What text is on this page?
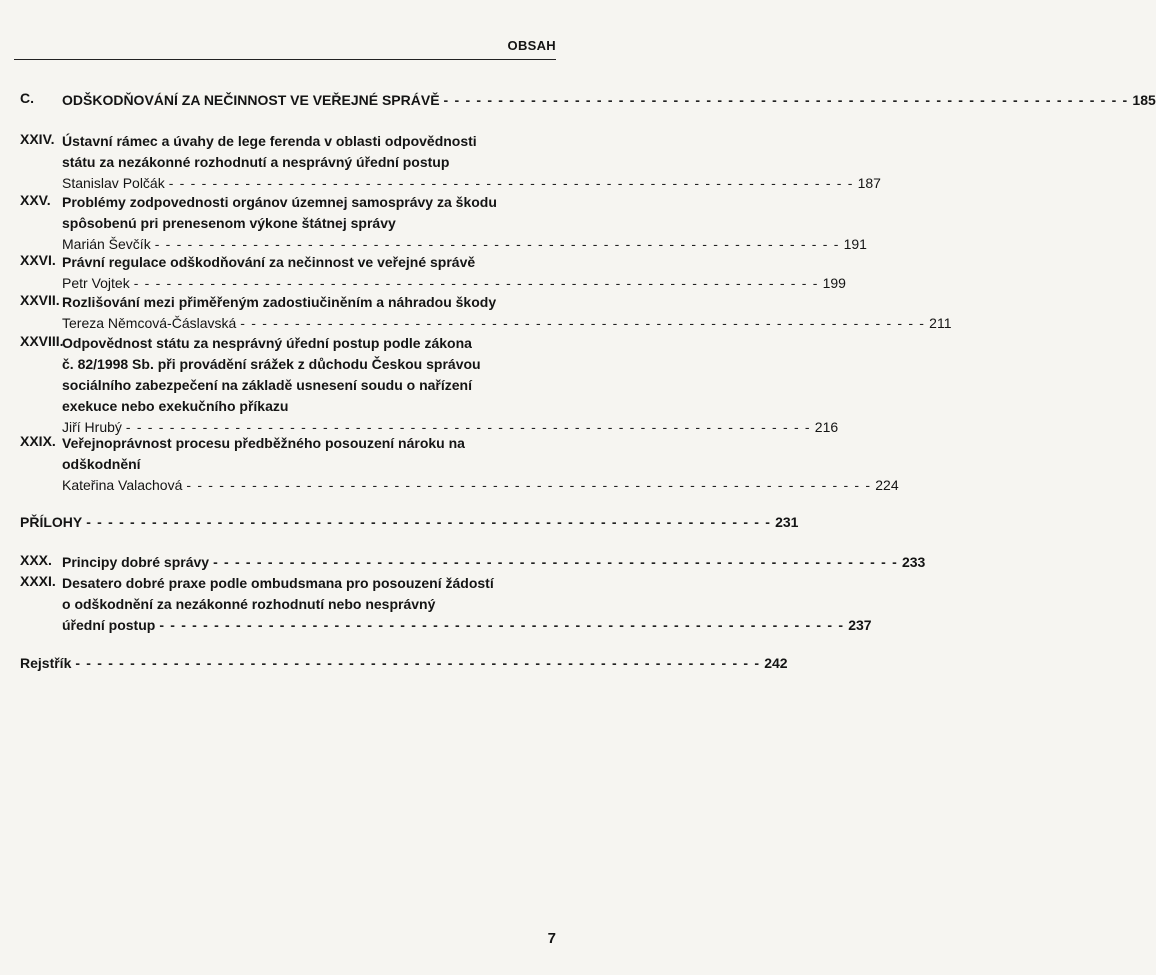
OBSAH
C. ODŠKODŇOVÁNÍ ZA NEČINNOST VE VEŘEJNÉ SPRÁVĚ - - - - - - - - - - - - - - - - - - - - - - - - - - - - - - - - - - - - - - - - - - - - - - - - - - - - - - - - - - - - - - - 185
XXIV. Ústavní rámec a úvahy de lege ferenda v oblasti odpovědnosti
státu za nezákonné rozhodnutí a nesprávný úřední postup
Stanislav Polčák - - - - - - - - - - - - - - - - - - - - - - - - - - - - - - - - - - - - - - - - - - - - - - - - - - - - - - - - - - - - - - - 187
XXV. Problémy zodpovednosti orgánov územnej samosprávy za škodu
spôsobenú pri prenesenom výkone štátnej správy
Marián Ševčík - - - - - - - - - - - - - - - - - - - - - - - - - - - - - - - - - - - - - - - - - - - - - - - - - - - - - - - - - - - - - - - 191
XXVI. Právní regulace odškodňování za nečinnost ve veřejné správě
Petr Vojtek - - - - - - - - - - - - - - - - - - - - - - - - - - - - - - - - - - - - - - - - - - - - - - - - - - - - - - - - - - - - - - - 199
XXVII. Rozlišování mezi přiměřeným zadostiučiněním a náhradou škody
Tereza Němcová-Čáslavská - - - - - - - - - - - - - - - - - - - - - - - - - - - - - - - - - - - - - - - - - - - - - - - - - - - - - - - - - - - - - - - 211
XXVIII.
Odpovědnost státu za nesprávný úřední postup podle zákona
č. 82/1998 Sb. při provádění srážek z důchodu Českou správou
sociálního zabezpečení na základě usnesení soudu o nařízení
exekuce nebo exekučního příkazu
Jiří Hrubý - - - - - - - - - - - - - - - - - - - - - - - - - - - - - - - - - - - - - - - - - - - - - - - - - - - - - - - - - - - - - - - 216
XXIX. Veřejnoprávnost procesu předběžného posouzení nároku na
odškodnění
Kateřina Valachová - - - - - - - - - - - - - - - - - - - - - - - - - - - - - - - - - - - - - - - - - - - - - - - - - - - - - - - - - - - - - - - 224
PŘÍLOHY - - - - - - - - - - - - - - - - - - - - - - - - - - - - - - - - - - - - - - - - - - - - - - - - - - - - - - - - - - - - - - - 231
XXX. Principy dobré správy - - - - - - - - - - - - - - - - - - - - - - - - - - - - - - - - - - - - - - - - - - - - - - - - - - - - - - - - - - - - - - - 233
XXXI. Desatero dobré praxe podle ombudsmana pro posouzení žádostí
o odškodnění za nezákonné rozhodnutí nebo nesprávný
úřední postup - - - - - - - - - - - - - - - - - - - - - - - - - - - - - - - - - - - - - - - - - - - - - - - - - - - - - - - - - - - - - - - 237
Rejstřík - - - - - - - - - - - - - - - - - - - - - - - - - - - - - - - - - - - - - - - - - - - - - - - - - - - - - - - - - - - - - - - 242
7
